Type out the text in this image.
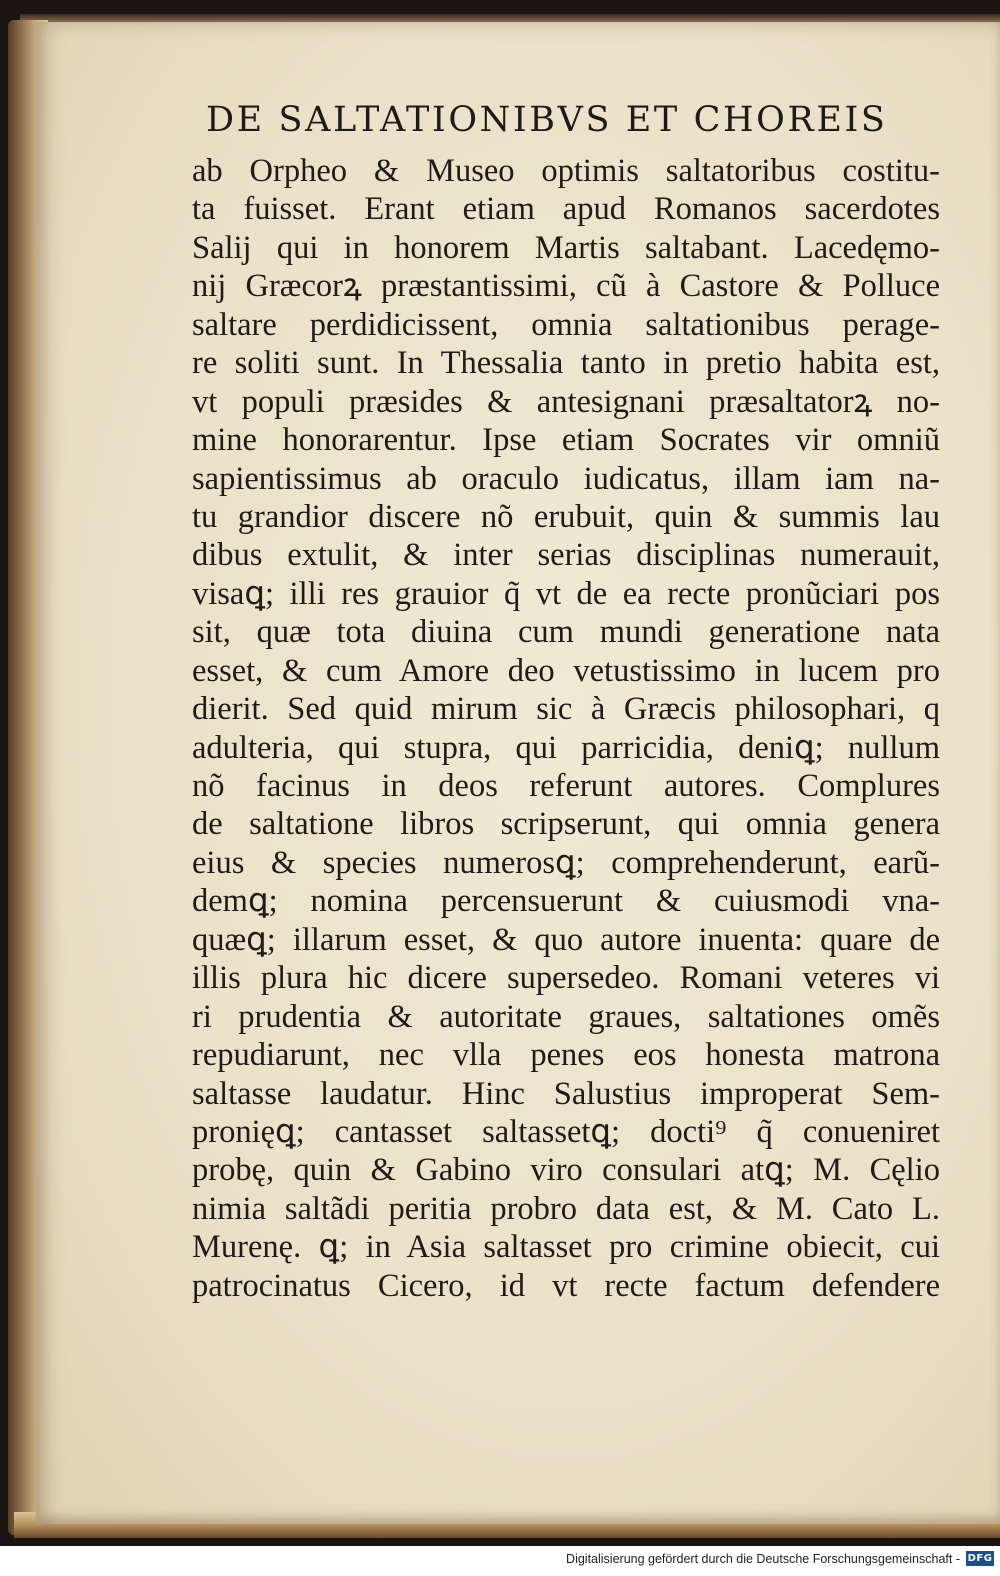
DE SALTATIONIBVS ET CHOREIS
ab Orpheo & Museo optimis saltatoribus costitu-
ta fuisset. Erant etiam apud Romanos sacerdotes
Salij qui in honorem Martis saltabant. Lacedęmo-
nij Græcorꝝ præstantissimi, cũ à Castore & Polluce
saltare perdidicissent, omnia saltationibus perage-
re soliti sunt. In Thessalia tanto in pretio habita est,
vt populi præsides & antesignani præsaltatorꝝ no-
mine honorarentur. Ipse etiam Socrates vir omniũ
sapientissimus ab oraculo iudicatus, illam iam na-
tu grandior discere nõ erubuit, quin & summis lau
dibus extulit, & inter serias disciplinas numerauit,
visaꝗ; illi res grauior q̃ vt de ea recte pronũciari pos
sit, quæ tota diuina cum mundi generatione nata
esset, & cum Amore deo vetustissimo in lucem pro
dierit. Sed quid mirum sic à Græcis philosophari, q
adulteria, qui stupra, qui parricidia, deniꝗ; nullum
nõ facinus in deos referunt autores. Complures
de saltatione libros scripserunt, qui omnia genera
eius & species numerosꝗ; comprehenderunt, earũ-
demꝗ; nomina percensuerunt & cuiusmodi vna-
quæꝗ; illarum esset, & quo autore inuenta: quare de
illis plura hic dicere supersedeo. Romani veteres vi
ri prudentia & autoritate graues, saltationes omẽs
repudiarunt, nec vlla penes eos honesta matrona
saltasse laudatur. Hinc Salustius improperat Sem-
pronięꝗ; cantasset saltassetꝗ; docti⁹ q̃ conueniret
probę, quin & Gabino viro consulari atꝗ; M. Cęlio
nimia saltãdi peritia probro data est, & M. Cato L.
Murenę. ꝗ; in Asia saltasset pro crimine obiecit, cui
patrocinatus Cicero, id vt recte factum defendere
Digitalisierung gefördert durch die Deutsche Forschungsgemeinschaft - DFG
